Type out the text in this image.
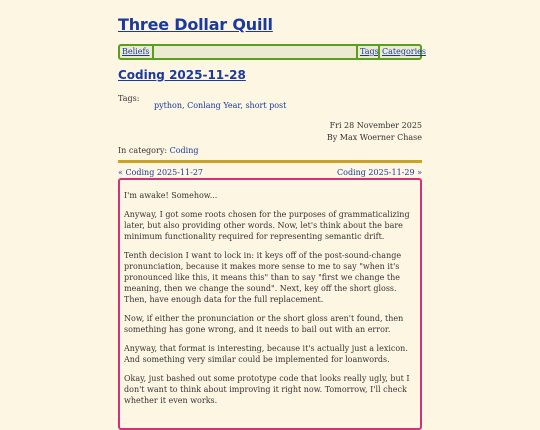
Three Dollar Quill
Beliefs	Tags Categories
Coding 2025-11-28
Tags:
python, Conlang Year, short post
Fri 28 November 2025
By Max Woerner Chase
In category: Coding
« Coding 2025-11-27	Coding 2025-11-29 »

I'm awake! Somehow...

Anyway, I got some roots chosen for the purposes of grammaticalizing later, but also providing other words. Now, let's think about the bare minimum functionality required for representing semantic drift.

Tenth decision I want to lock in: it keys off of the post-sound-change pronunciation, because it makes more sense to me to say "when it's pronounced like this, it means this" than to say "first we change the meaning, then we change the sound". Next, key off the short gloss. Then, have enough data for the full replacement.

Now, if either the pronunciation or the short gloss aren't found, then something has gone wrong, and it needs to bail out with an error.

Anyway, that format is interesting, because it's actually just a lexicon. And something very similar could be implemented for loanwords.

Okay, just bashed out some prototype code that looks really ugly, but I don't want to think about improving it right now. Tomorrow, I'll check whether it even works.
